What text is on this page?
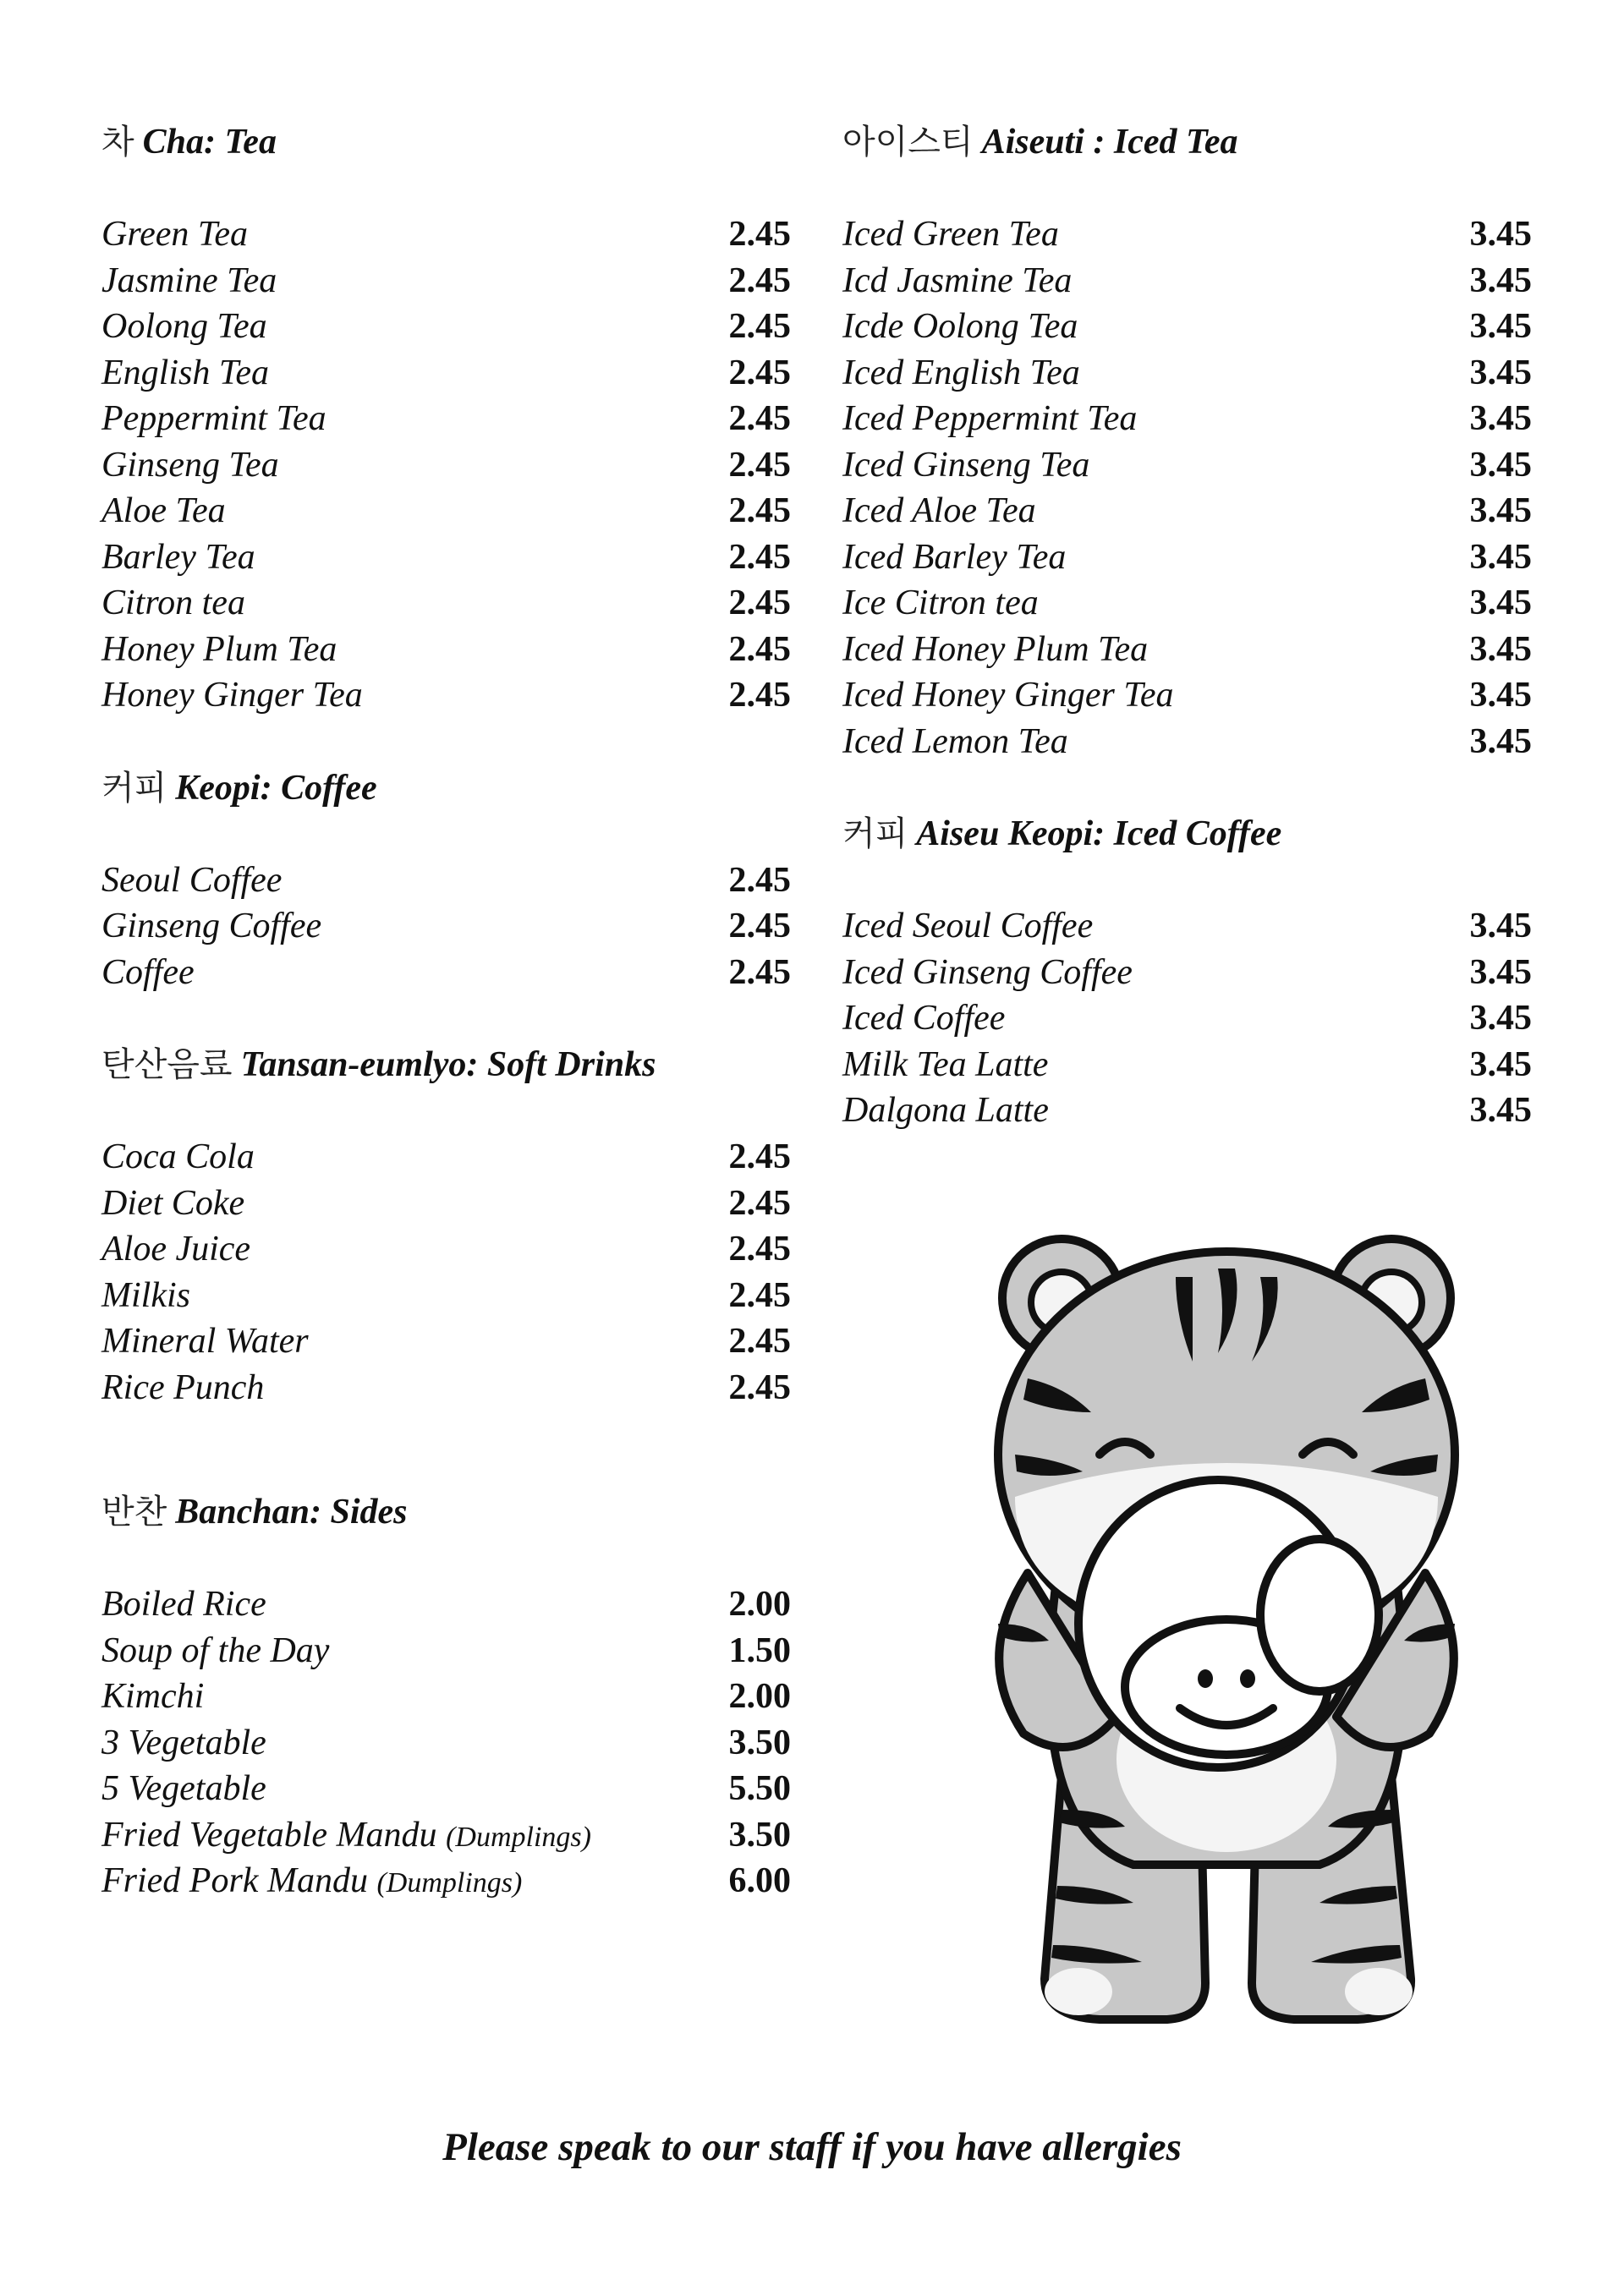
차 Cha: Tea
Green Tea	2.45
Jasmine Tea	2.45
Oolong Tea	2.45
English Tea	2.45
Peppermint Tea	2.45
Ginseng Tea	2.45
Aloe Tea	2.45
Barley Tea	2.45
Citron tea	2.45
Honey Plum Tea	2.45
Honey Ginger Tea	2.45
커피 Keopi: Coffee
Seoul Coffee	2.45
Ginseng Coffee	2.45
Coffee	2.45
탄산음료 Tansan-eumlyo: Soft Drinks
Coca Cola	2.45
Diet Coke	2.45
Aloe Juice	2.45
Milkis	2.45
Mineral Water	2.45
Rice Punch	2.45
반찬 Banchan: Sides
Boiled Rice	2.00
Soup of the Day	1.50
Kimchi	2.00
3 Vegetable	3.50
5 Vegetable	5.50
Fried Vegetable Mandu (Dumplings)	3.50
Fried Pork Mandu (Dumplings)	6.00
아이스티 Aiseuti : Iced Tea
Iced Green Tea	3.45
Icd Jasmine Tea	3.45
Icde Oolong Tea	3.45
Iced English Tea	3.45
Iced Peppermint Tea	3.45
Iced Ginseng Tea	3.45
Iced Aloe Tea	3.45
Iced Barley Tea	3.45
Ice Citron tea	3.45
Iced Honey Plum Tea	3.45
Iced Honey Ginger Tea	3.45
Iced Lemon Tea	3.45
커피 Aiseu Keopi: Iced Coffee
Iced Seoul Coffee	3.45
Iced Ginseng Coffee	3.45
Iced Coffee	3.45
Milk Tea Latte	3.45
Dalgona Latte	3.45
Please speak to our staff if you have allergies
